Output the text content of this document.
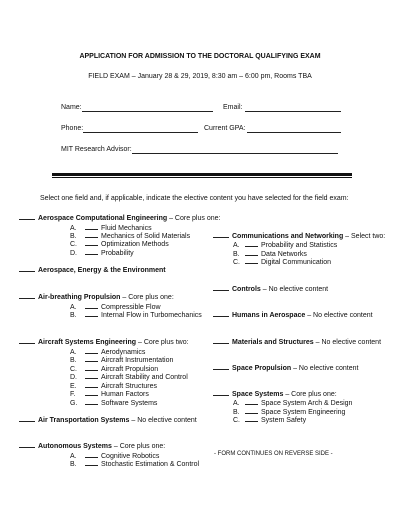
APPLICATION FOR ADMISSION TO THE DOCTORAL QUALIFYING EXAM
FIELD EXAM – January 28 & 29, 2019, 8:30 am – 6:00 pm, Rooms TBA
Name:	Email:
Phone:	Current GPA:
MIT Research Advisor:
Select one field and, if applicable, indicate the elective content you have selected for the field exam:
Aerospace Computational Engineering – Core plus one:
A.	Fluid Mechanics
B.	Mechanics of Solid Materials
C.	Optimization Methods
D.	Probability
Aerospace, Energy & the Environment
Air-breathing Propulsion – Core plus one:
A.	Compressible Flow
B.	Internal Flow in Turbomechanics
Aircraft Systems Engineering – Core plus two:
A.	Aerodynamics
B.	Aircraft Instrumentation
C.	Aircraft Propulsion
D.	Aircraft Stability and Control
E.	Aircraft Structures
F.	Human Factors
G.	Software Systems
Air Transportation Systems – No elective content
Autonomous Systems – Core plus one:
A.	Cognitive Robotics
B.	Stochastic Estimation & Control
Communications and Networking – Select two:
A.	Probability and Statistics
B.	Data Networks
C.	Digital Communication
Controls – No elective content
Humans in Aerospace – No elective content
Materials and Structures – No elective content
Space Propulsion – No elective content
Space Systems – Core plus one:
A.	Space System Arch & Design
B.	Space System Engineering
C.	System Safety
- FORM CONTINUES ON REVERSE SIDE -
